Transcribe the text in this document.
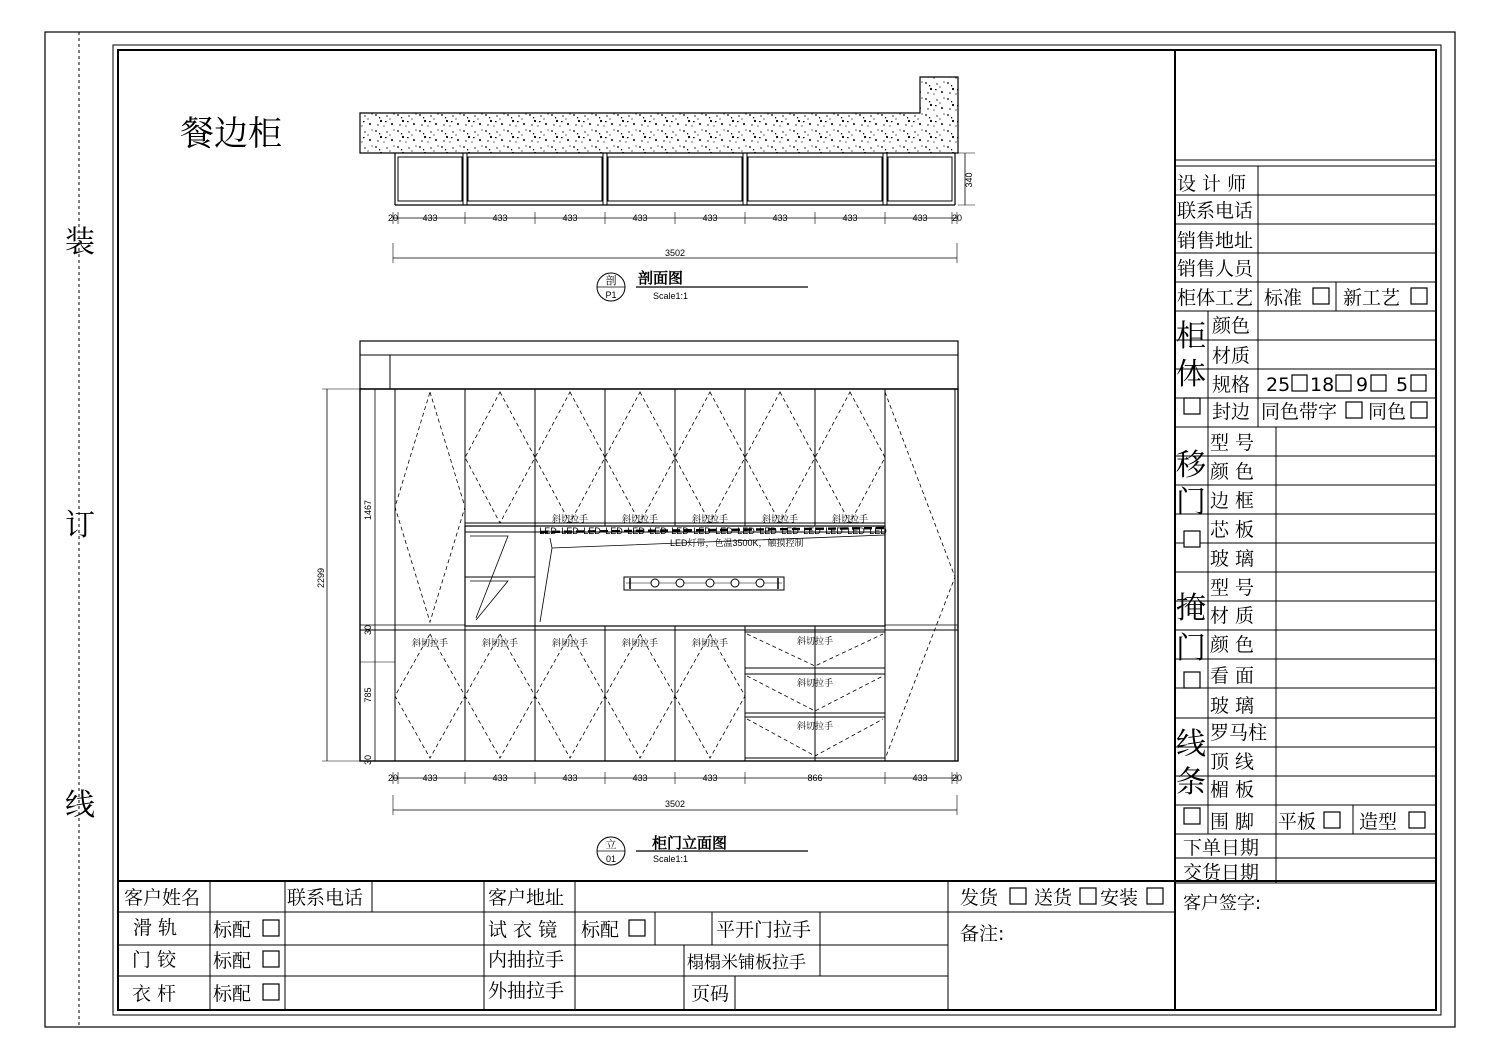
装
订
线
餐边柜
340
20	433	433	433	433	433	433	433	433	20
3502
剖
P1
剖面图
Scale1:1
斜切拉手	斜切拉手	斜切拉手	斜切拉手	斜切拉手
斜切拉手	斜切拉手	斜切拉手	斜切拉手	斜切拉手	斜切拉手
斜切拉手
斜切拉手
LED LED LED LED LED LED LED LED LED LED LED LED LED LED LED LED
LED灯带，色温3500K，触摸控制
2299
1467
30
785
30
20	433	433	433	433	433	866	433	20
3502
立
01
柜门立面图
Scale1:1
设 计 师
联系电话
销售地址
销售人员
柜体工艺 标准 新工艺
柜
体
颜色
材质
规格 25 18 9 5
封边 同色带字 同色
移
门
型 号
颜 色
边 框
芯 板
玻 璃
掩
门
型 号
材 质
颜 色
看 面
玻 璃
线
条
罗马柱
顶 线
楣 板
围 脚 平板 造型
下单日期
交货日期
客户签字:
客户姓名	联系电话	客户地址	发货 送货 安装
备注:
滑 轨 标配	试 衣 镜 标配	平开门拉手
门 铰 标配	内抽拉手	榻榻米铺板拉手
衣 杆 标配	外抽拉手	页码
